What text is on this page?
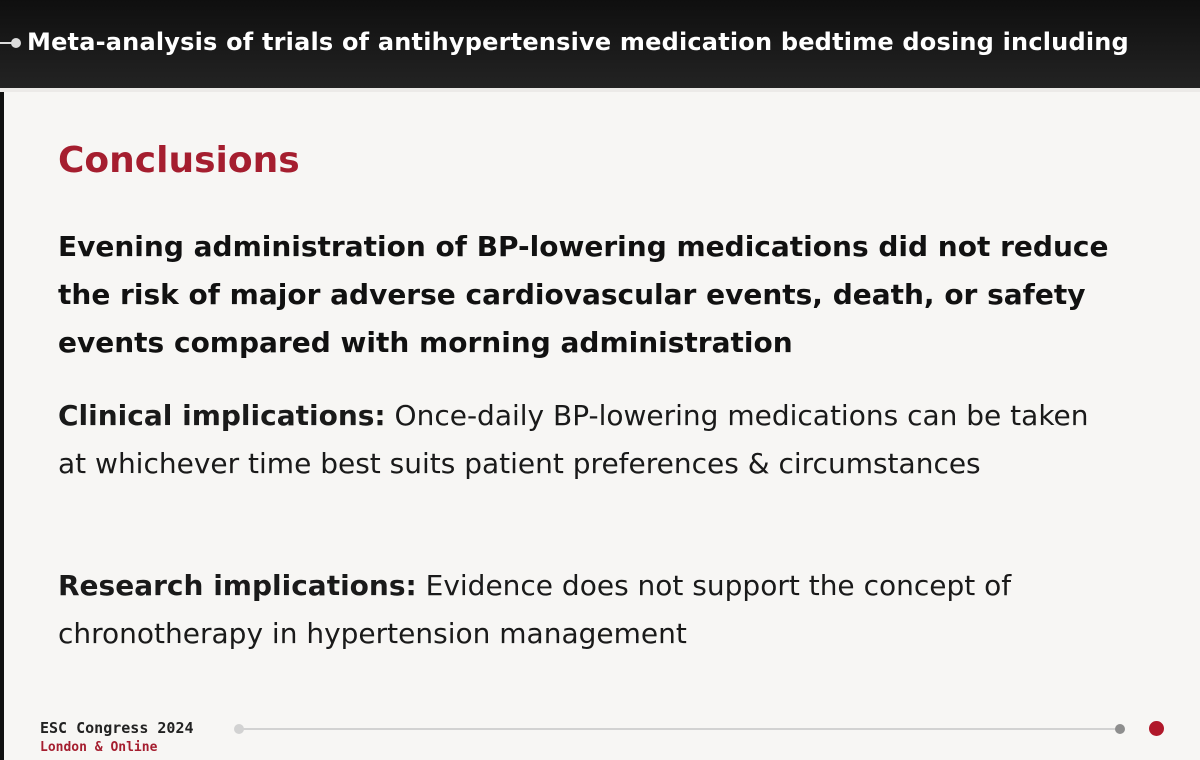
Meta-analysis of trials of antihypertensive medication bedtime dosing including
Conclusions
Evening administration of BP-lowering medications did not reduce the risk of major adverse cardiovascular events, death, or safety events compared with morning administration
Clinical implications: Once-daily BP-lowering medications can be taken at whichever time best suits patient preferences & circumstances
Research implications: Evidence does not support the concept of chronotherapy in hypertension management
ESC Congress 2024
London & Online
